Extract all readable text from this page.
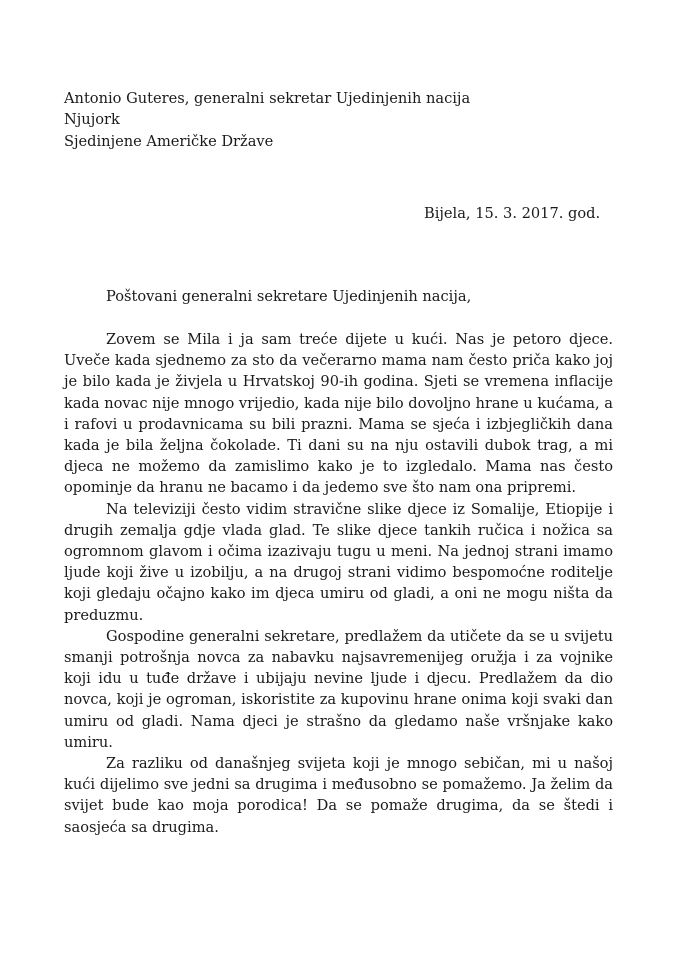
Antonio Guteres, generalni sekretar Ujedinjenih nacija
Njujork
Sjedinjene Američke Države
Bijela, 15. 3. 2017. god.
Poštovani generalni sekretare Ujedinjenih nacija,

Zovem se Mila i ja sam treće dijete u kući. Nas je petoro djece. Uveče kada sjednemo za sto da večerarno mama nam često priča kako joj je bilo kada je živjela u Hrvatskoj 90-ih godina. Sjeti se vremena inflacije kada novac nije mnogo vrijedio, kada nije bilo dovoljno hrane u kućama, a i rafovi u prodavnicama su bili prazni. Mama se sjeća i izbjegličkih dana kada je bila željna čokolade. Ti dani su na nju ostavili dubok trag, a mi djeca ne možemo da zamislimo kako je to izgledalo. Mama nas često opominje da hranu ne bacamo i da jedemo sve što nam ona pripremi.

Na televiziji često vidim stravične slike djece iz Somalije, Etiopije i drugih zemalja gdje vlada glad. Te slike djece tankih ručica i nožica sa ogromnom glavom i očima izazivaju tugu u meni. Na jednoj strani imamo ljude koji žive u izobilju, a na drugoj strani vidimo bespomoćne roditelje koji gledaju očajno kako im djeca umiru od gladi, a oni ne mogu ništa da preduzmu.

Gospodine generalni sekretare, predlažem da utičete da se u svijetu smanji potrošnja novca za nabavku najsavremenijeg oružja i za vojnike koji idu u tuđe države i ubijaju nevine ljude i djecu. Predlažem da dio novca, koji je ogroman, iskoristite za kupovinu hrane onima koji svaki dan umiru od gladi. Nama djeci je strašno da gledamo naše vršnjake kako umiru.

Za razliku od današnjeg svijeta koji je mnogo sebičan, mi u našoj kući dijelimo sve jedni sa drugima i međusobno se pomažemo. Ja želim da svijet bude kao moja porodica! Da se pomaže drugima, da se štedi i saosjeća sa drugima.
